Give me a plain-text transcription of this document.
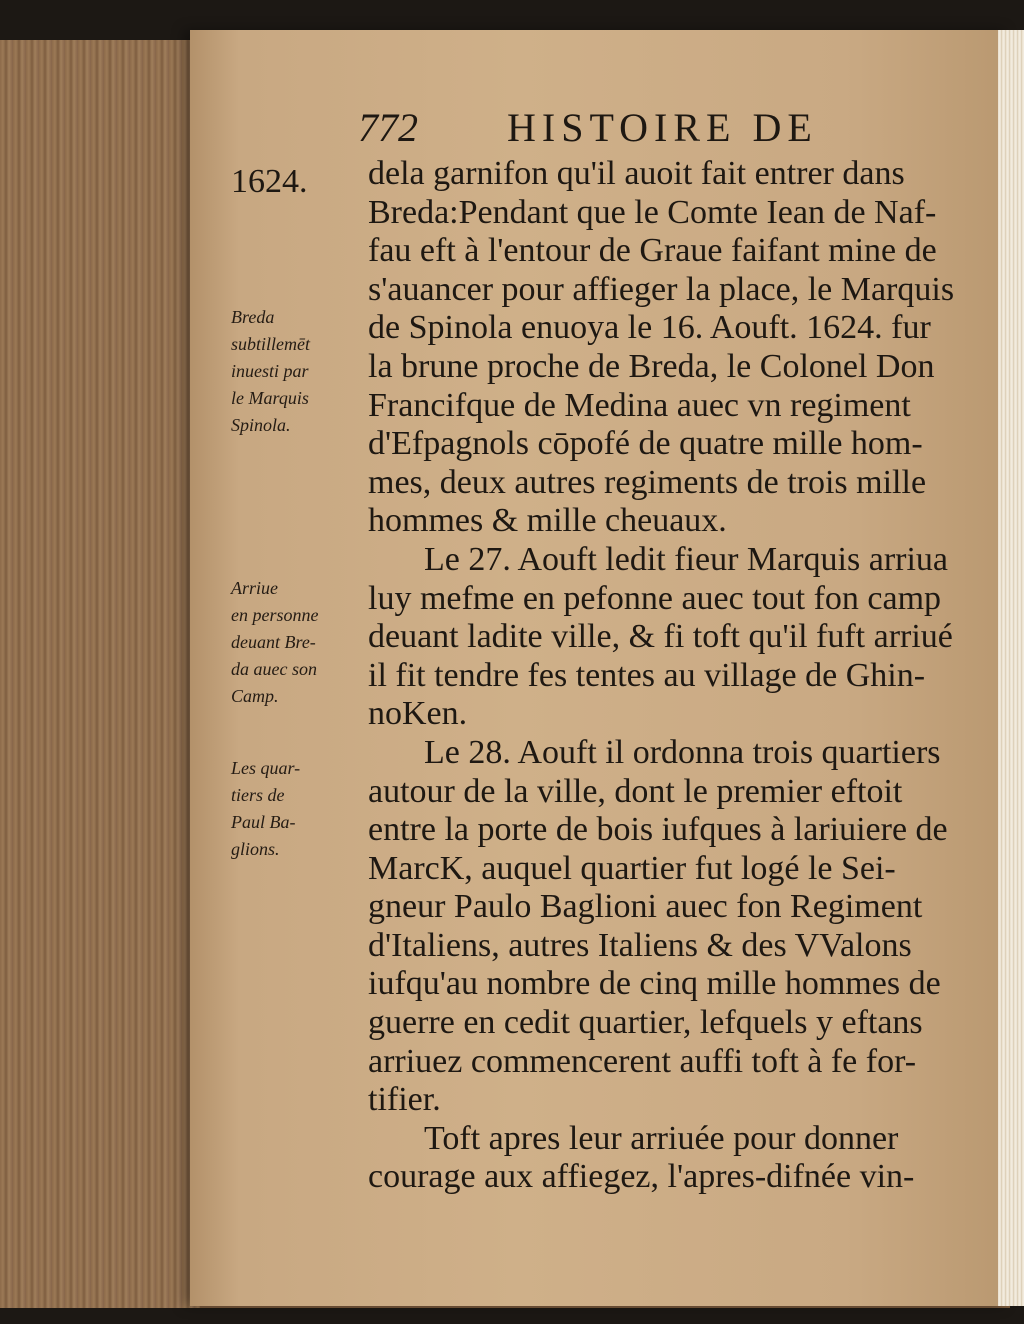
772 HISTOIRE DE
1624.
Breda
subtillemēt
inuesti par
le Marquis
Spinola.
Arriue
en personne
deuant Bre-
da auec son
Camp.
Les quar-
tiers de
Paul Ba-
glions.
dela garnifon qu'il auoit fait entrer dans
Breda:Pendant que le Comte Iean de Naf-
fau eft à l'entour de Graue faifant mine de
s'auancer pour affieger la place, le Marquis
de Spinola enuoya le 16. Aouft. 1624. fur
la brune proche de Breda, le Colonel Don
Francifque de Medina auec vn regiment
d'Efpagnols cōpofé de quatre mille hom-
mes, deux autres regiments de trois mille
hommes & mille cheuaux.
Le 27. Aouft ledit fieur Marquis arriua
luy mefme en pefonne auec tout fon camp
deuant ladite ville, & fi toft qu'il fuft arriué
il fit tendre fes tentes au village de Ghin-
noKen.
Le 28. Aouft il ordonna trois quartiers
autour de la ville, dont le premier eftoit
entre la porte de bois iufques à lariuiere de
MarcK, auquel quartier fut logé le Sei-
gneur Paulo Baglioni auec fon Regiment
d'Italiens, autres Italiens & des VValons
iufqu'au nombre de cinq mille hommes de
guerre en cedit quartier, lefquels y eftans
arriuez commencerent auffi toft à fe for-
tifier.
Toft apres leur arriuée pour donner
courage aux affiegez, l'apres-difnée vin-
